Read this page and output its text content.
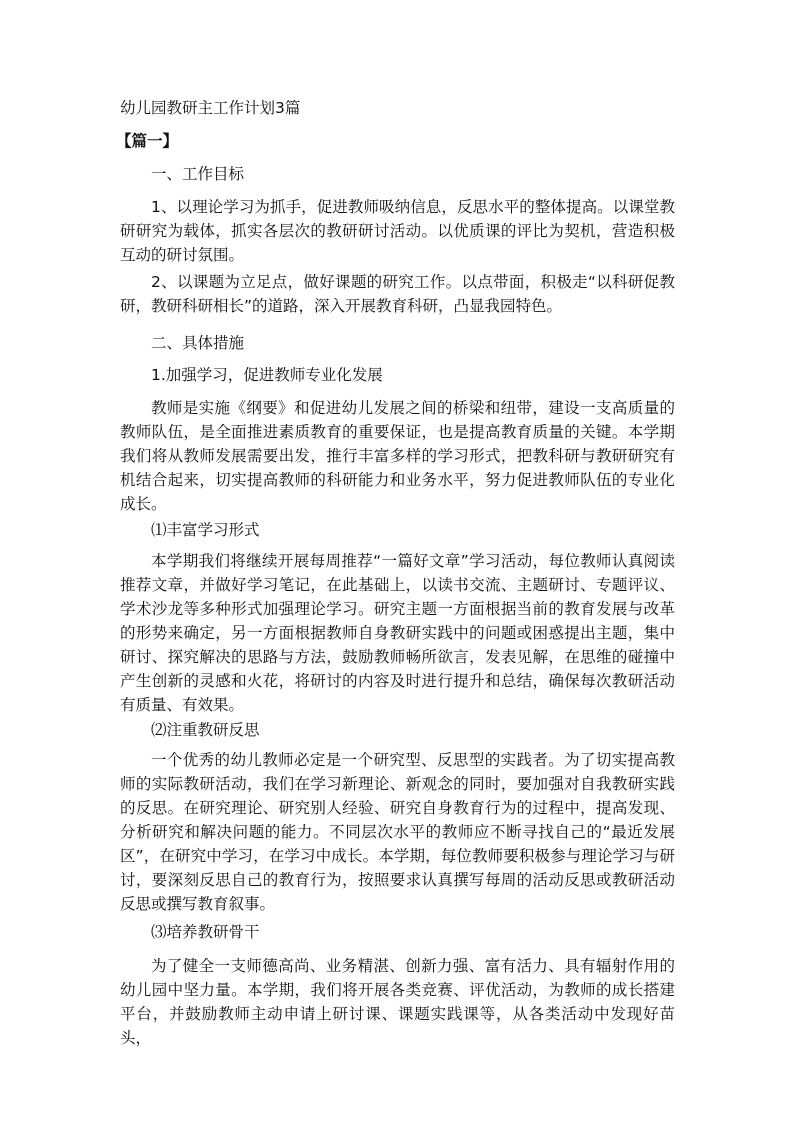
幼儿园教研主工作计划3篇
【篇一】

一、工作目标

1、以理论学习为抓手，促进教师吸纳信息，反思水平的整体提高。以课堂教研研究为载体，抓实各层次的教研研讨活动。以优质课的评比为契机，营造积极互动的研讨氛围。

2、以课题为立足点，做好课题的研究工作。以点带面，积极走“以科研促教研，教研科研相长”的道路，深入开展教育科研，凸显我园特色。

二、具体措施

1.加强学习，促进教师专业化发展

教师是实施《纲要》和促进幼儿发展之间的桥梁和纽带，建设一支高质量的教师队伍，是全面推进素质教育的重要保证，也是提高教育质量的关键。本学期我们将从教师发展需要出发，推行丰富多样的学习形式，把教科研与教研研究有机结合起来，切实提高教师的科研能力和业务水平，努力促进教师队伍的专业化成长。

⑴丰富学习形式

本学期我们将继续开展每周推荐“一篇好文章”学习活动，每位教师认真阅读推荐文章，并做好学习笔记，在此基础上，以读书交流、主题研讨、专题评议、学术沙龙等多种形式加强理论学习。研究主题一方面根据当前的教育发展与改革的形势来确定，另一方面根据教师自身教研实践中的问题或困惑提出主题，集中研讨、探究解决的思路与方法，鼓励教师畅所欲言，发表见解，在思维的碰撞中产生创新的灵感和火花，将研讨的内容及时进行提升和总结，确保每次教研活动有质量、有效果。

⑵注重教研反思

一个优秀的幼儿教师必定是一个研究型、反思型的实践者。为了切实提高教师的实际教研活动，我们在学习新理论、新观念的同时，要加强对自我教研实践的反思。在研究理论、研究别人经验、研究自身教育行为的过程中，提高发现、分析研究和解决问题的能力。不同层次水平的教师应不断寻找自己的“最近发展区”，在研究中学习，在学习中成长。本学期，每位教师要积极参与理论学习与研讨，要深刻反思自己的教育行为，按照要求认真撰写每周的活动反思或教研活动反思或撰写教育叙事。

⑶培养教研骨干

为了健全一支师德高尚、业务精湛、创新力强、富有活力、具有辐射作用的幼儿园中坚力量。本学期，我们将开展各类竞赛、评优活动，为教师的成长搭建平台，并鼓励教师主动申请上研讨课、课题实践课等，从各类活动中发现好苗头，
